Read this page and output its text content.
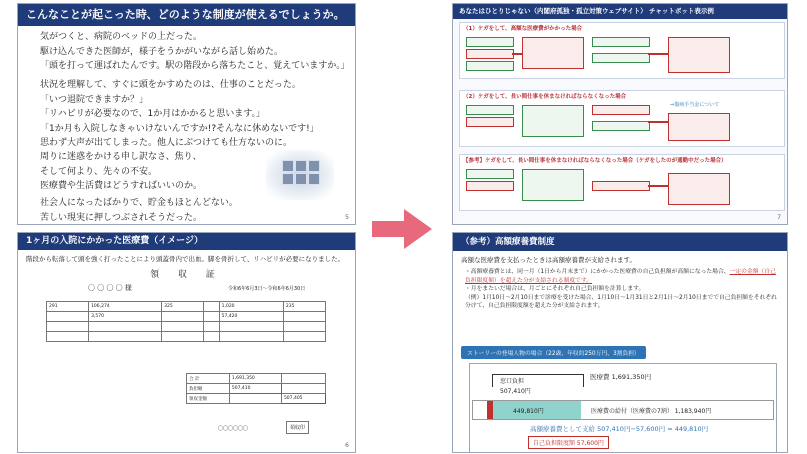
こんなことが起こった時、どのような制度が使えるでしょうか。
気がつくと、病院のベッドの上だった。
駆け込んできた医師が，様子をうかがいながら話し始めた。
「頭を打って運ばれたんです。駅の階段から落ちたこと、覚えていますか。」
状況を理解して、すぐに頭をかすめたのは、仕事のことだった。
「いつ退院できますか？」
「リハビリが必要なので、1か月はかかると思います。」
「1か月も入院しなきゃいけないんですか!?そんなに休めないです!」
思わず大声が出てしまった。他人にぶつけても仕方ないのに。
周りに迷惑をかける申し訳なさ、焦り、
そして何より、先々の不安。
医療費や生活費はどうすればいいのか。
社会人になったばかりで、貯金もほとんどない。
苦しい現実に押しつぶされそうだった。	5
1ヶ月の入院にかかった医療費（イメージ）
階段から転落して頭を強く打ったことにより頭蓋骨内で出血。脚を骨折して、リハビリが必要になりました。
領 収 証
〇 〇 〇 〇 様	令和6年6月3日～令和6年6月30日
291	106,274	325		1,020	235
	3,570			57,420	

合 計	1,691,350	
負担額	507,410	
領収金額		507,405
〇〇〇〇〇〇	領収印
6
あなたはひとりじゃない（内閣府孤独・孤立対策ウェブサイト） チャットボット表示例
（1）ケガをして、高額な医療費がかかった場合
（2）ケガをして、長い間仕事を休まなければならなくなった場合
⇒傷病手当金について
【参考】ケガをして、長い間仕事を休まなければならなくなった場合（ケガをしたのが通勤中だった場合）
7
（参考）高額療養費制度
高額な医療費を支払ったときは高額療養費が支給されます。
・高額療養費とは、同一月（1日から月末まで）にかかった医療費の自己負担額が高額になった場合、一定の金額（自己負担限度額）を超えた分が支給される制度です。
・月をまたいだ場合は、月ごとにそれぞれ自己負担額を計算します。
（例）1月10日～2月10日まで診療を受けた場合、1月10日～1月31日と2月1日～2月10日までで自己負担額をそれぞれ分けて、自己負担限度額を超えた分が支給されます。
ストーリーの登場人物の場合（22歳、年収約250万円、3割負担）
医療費 1,691,350円
窓口負担
507,410円
449,810円	医療費の給付（医療費の7割） 1,183,940円
高額療養費として支給 507,410円−57,600円 = 449,810円
自己負担限度額 57,600円
